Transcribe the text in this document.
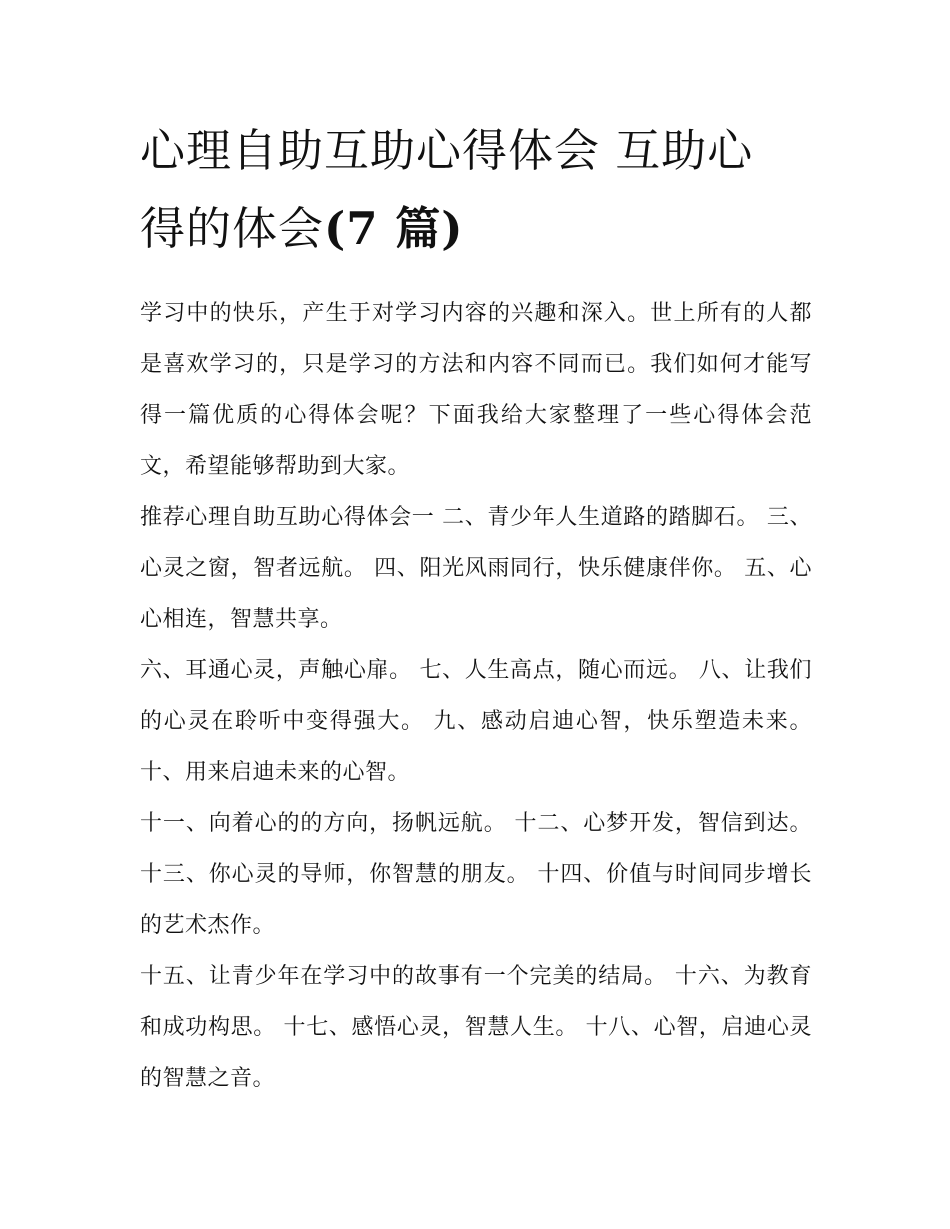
心理自助互助心得体会 互助心
得的体会(7 篇)

学习中的快乐，产生于对学习内容的兴趣和深入。世上所有的人都是喜欢学习的，只是学习的方法和内容不同而已。我们如何才能写得一篇优质的心得体会呢？下面我给大家整理了一些心得体会范文，希望能够帮助到大家。

推荐心理自助互助心得体会一 二、青少年人生道路的踏脚石。 三、心灵之窗，智者远航。 四、阳光风雨同行，快乐健康伴你。 五、心心相连，智慧共享。

六、耳通心灵，声触心扉。 七、人生高点，随心而远。 八、让我们的心灵在聆听中变得强大。 九、感动启迪心智，快乐塑造未来。 十、用来启迪未来的心智。

十一、向着心的的方向，扬帆远航。 十二、心梦开发，智信到达。 十三、你心灵的导师，你智慧的朋友。 十四、价值与时间同步增长的艺术杰作。

十五、让青少年在学习中的故事有一个完美的结局。 十六、为教育和成功构思。 十七、感悟心灵，智慧人生。 十八、心智，启迪心灵的智慧之音。
